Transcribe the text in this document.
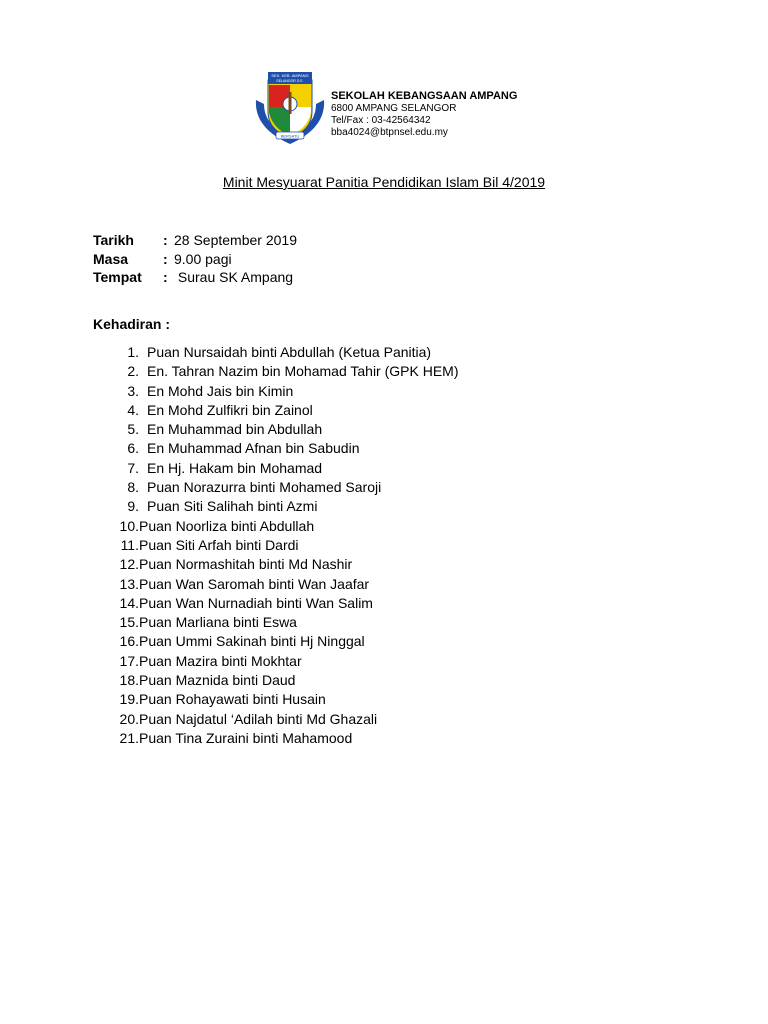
SEK. KEB. AMPANG
SELANGOR D.E.
BERSATU
SEKOLAH KEBANGSAAN AMPANG
6800 AMPANG SELANGOR
Tel/Fax : 03-42564342
bba4024@btpnsel.edu.my
Minit Mesyuarat Panitia Pendidikan Islam Bil 4/2019
Tarikh	: 28 September 2019
Masa	: 9.00 pagi
Tempat	: Surau SK Ampang
Kehadiran :
1. Puan Nursaidah binti Abdullah (Ketua Panitia)
2. En. Tahran Nazim bin Mohamad Tahir (GPK HEM)
3. En Mohd Jais bin Kimin
4. En Mohd Zulfikri bin Zainol
5. En Muhammad bin Abdullah
6. En Muhammad Afnan bin Sabudin
7. En Hj. Hakam bin Mohamad
8. Puan Norazurra binti Mohamed Saroji
9. Puan Siti Salihah binti Azmi
10. Puan Noorliza binti Abdullah
11. Puan Siti Arfah binti Dardi
12. Puan Normashitah binti Md Nashir
13. Puan Wan Saromah binti Wan Jaafar
14. Puan Wan Nurnadiah binti Wan Salim
15. Puan Marliana binti Eswa
16. Puan Ummi Sakinah binti Hj Ninggal
17. Puan Mazira binti Mokhtar
18. Puan Maznida binti Daud
19. Puan Rohayawati binti Husain
20. Puan Najdatul ‘Adilah binti Md Ghazali
21. Puan Tina Zuraini binti Mahamood
